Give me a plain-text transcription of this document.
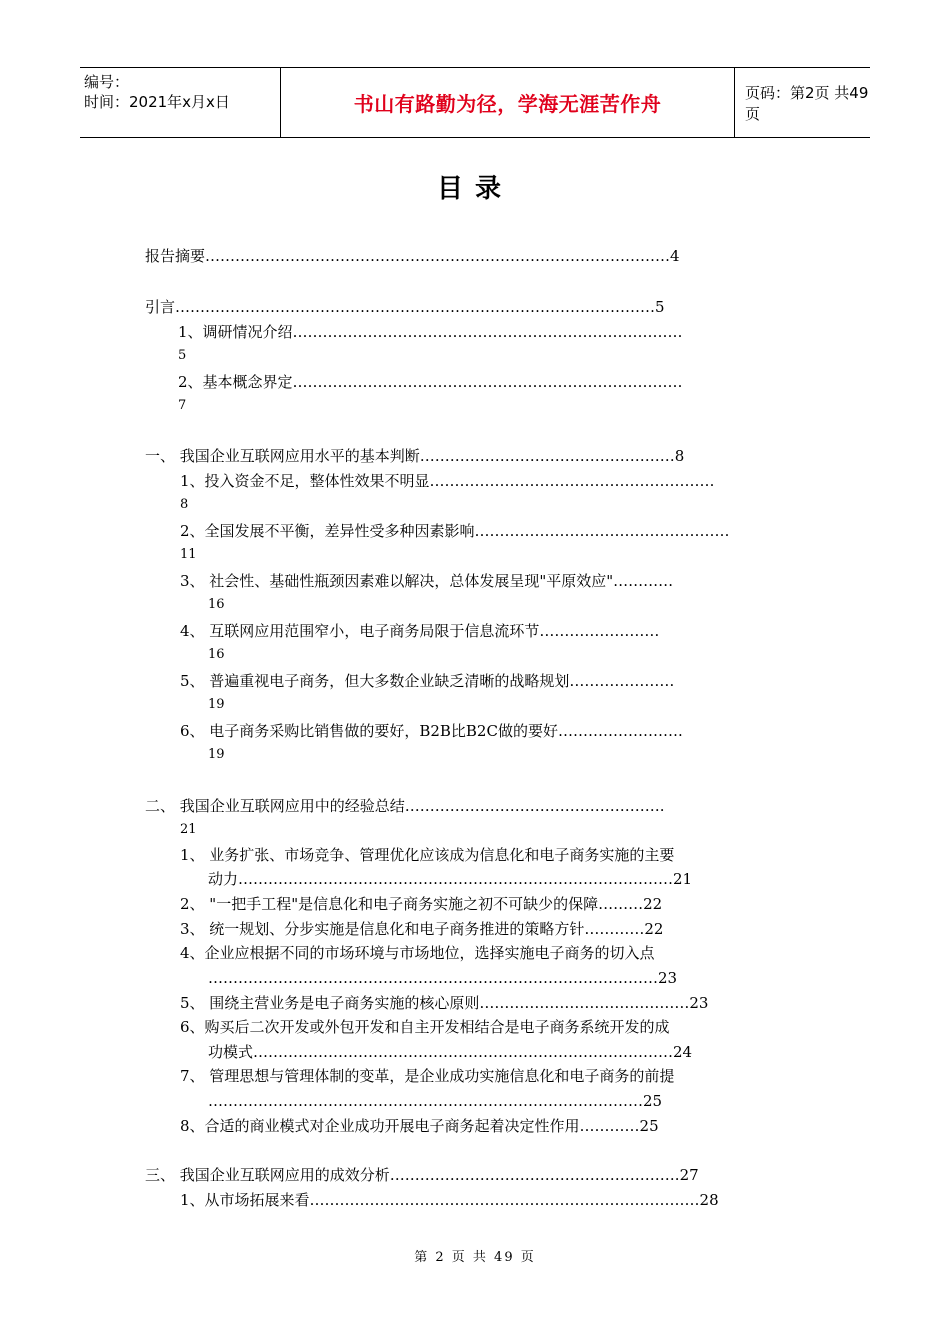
编号：
时间：2021年x月x日	书山有路勤为径，学海无涯苦作舟	页码：第2页 共49页
目录
报告摘要…………………………………………………………………………………4
引言……………………………………………………………………………………5
1、调研情况介绍……………………………………………………………………
5
2、基本概念界定……………………………………………………………………
7
一、 我国企业互联网应用水平的基本判断……………………………………………8
1、投入资金不足，整体性效果不明显…………………………………………………
8
2、全国发展不平衡，差异性受多种因素影响……………………………………………
11
3、 社会性、基础性瓶颈因素难以解决，总体发展呈现"平原效应"…………
16
4、 互联网应用范围窄小，电子商务局限于信息流环节……………………
16
5、 普遍重视电子商务，但大多数企业缺乏清晰的战略规划…………………
19
6、 电子商务采购比销售做的要好，B2B比B2C做的要好…………………….
19
二、 我国企业互联网应用中的经验总结…………………………………………….
21
1、 业务扩张、市场竞争、管理优化应该成为信息化和电子商务实施的主要
动力……………………………………………………………………………21
2、 "一把手工程"是信息化和电子商务实施之初不可缺少的保障………22
3、 统一规划、分步实施是信息化和电子商务推进的策略方针…………22
4、企业应根据不同的市场环境与市场地位，选择实施电子商务的切入点
………………………………………………………………………………23
5、 围绕主营业务是电子商务实施的核心原则……………………………………23
6、购买后二次开发或外包开发和自主开发相结合是电子商务系统开发的成
功模式…………………………………………………………………………24
7、 管理思想与管理体制的变革，是企业成功实施信息化和电子商务的前提
……………………………………………………………………………25
8、合适的商业模式对企业成功开展电子商务起着决定性作用…………25
三、 我国企业互联网应用的成效分析………………………………………………….27
1、从市场拓展来看……………………………………………………………………28
第 2 页 共 49 页
